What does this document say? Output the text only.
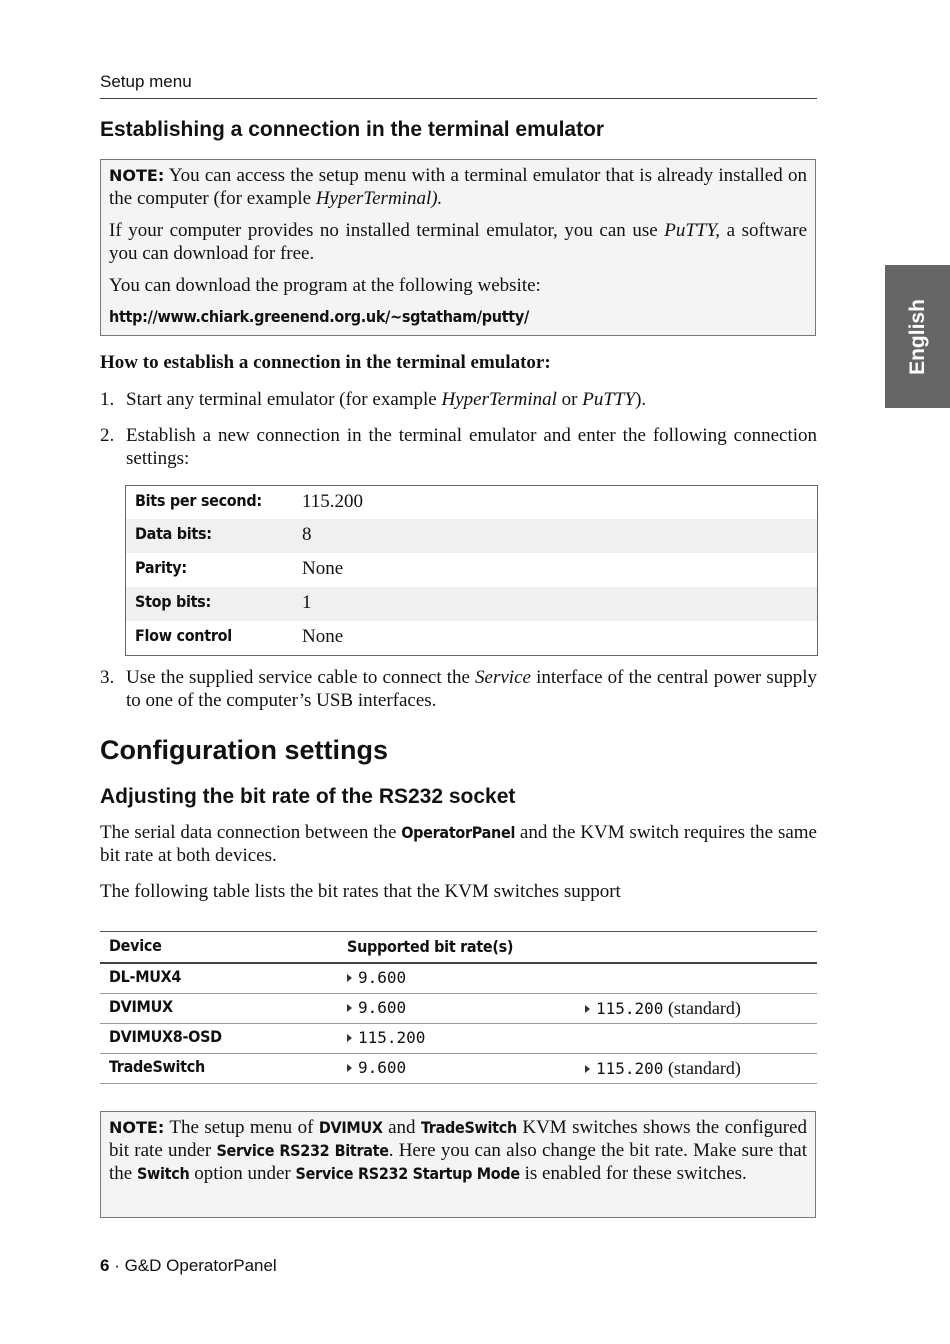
Setup menu
English
Establishing a connection in the terminal emulator

NOTE: You can access the setup menu with a terminal emulator that is already installed on the computer (for example HyperTerminal).

If your computer provides no installed terminal emulator, you can use PuTTY, a software you can download for free.

You can download the program at the following website:

http://www.chiark.greenend.org.uk/~sgtatham/putty/

How to establish a connection in the terminal emulator:
1. Start any terminal emulator (for example HyperTerminal or PuTTY).
2. Establish a new connection in the terminal emulator and enter the following connection settings:
Bits per second: 115.200
Data bits:	8
Parity:	None
Stop bits:	1
Flow control	None
3. Use the supplied service cable to connect the Service interface of the central power supply to one of the computer’s USB interfaces.
Configuration settings
Adjusting the bit rate of the RS232 socket

The serial data connection between the OperatorPanel and the KVM switch requires the same bit rate at both devices.

The following table lists the bit rates that the KVM switches support

Device	Supported bit rate(s)
DL-MUX4	9.600
DVIMUX	9.600	115.200 (standard)
DVIMUX8-OSD	115.200
TradeSwitch	9.600	115.200 (standard)

NOTE: The setup menu of DVIMUX and TradeSwitch KVM switches shows the configured bit rate under Service RS232 Bitrate. Here you can also change the bit rate. Make sure that the Switch option under Service RS232 Startup Mode is enabled for these switches.

6 · G&D OperatorPanel
